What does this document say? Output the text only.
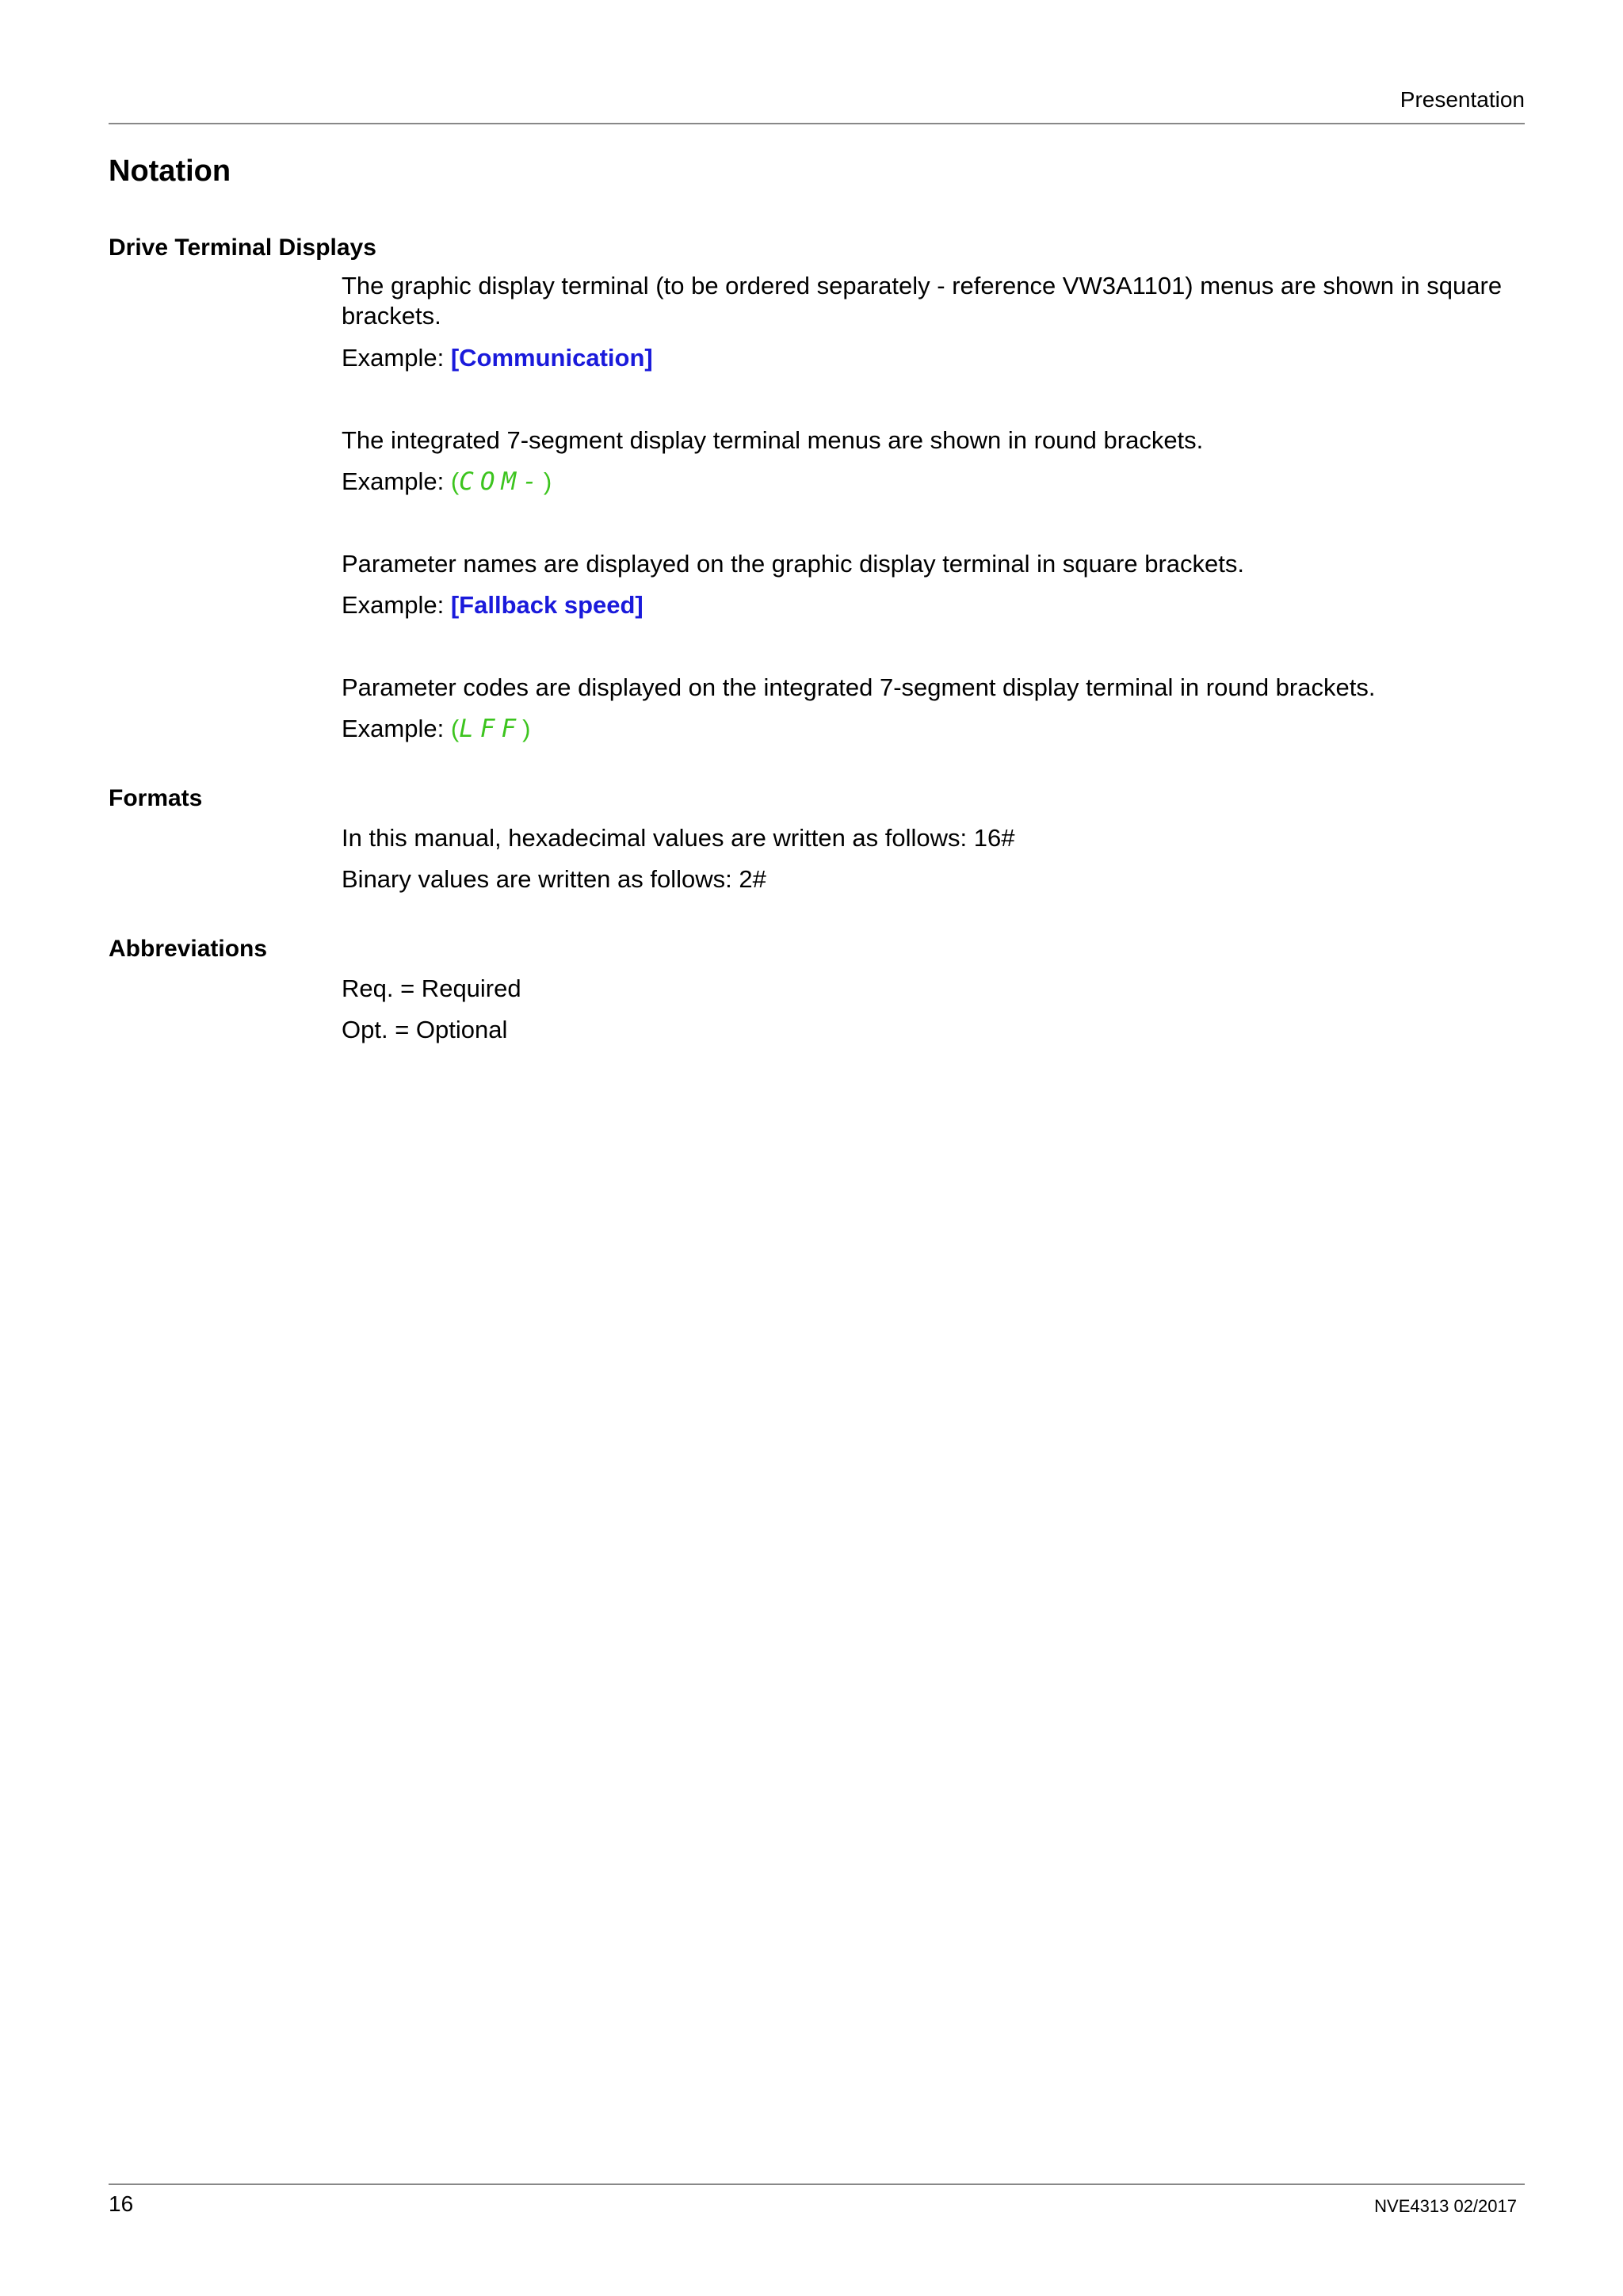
Presentation
Notation
Drive Terminal Displays
The graphic display terminal (to be ordered separately - reference VW3A1101) menus are shown in square brackets.
Example: [Communication]
The integrated 7-segment display terminal menus are shown in round brackets.
Example: (COM-)
Parameter names are displayed on the graphic display terminal in square brackets.
Example: [Fallback speed]
Parameter codes are displayed on the integrated 7-segment display terminal in round brackets.
Example: (LFF)
Formats
In this manual, hexadecimal values are written as follows: 16#
Binary values are written as follows: 2#
Abbreviations
Req. = Required
Opt. = Optional
16	NVE4313 02/2017
